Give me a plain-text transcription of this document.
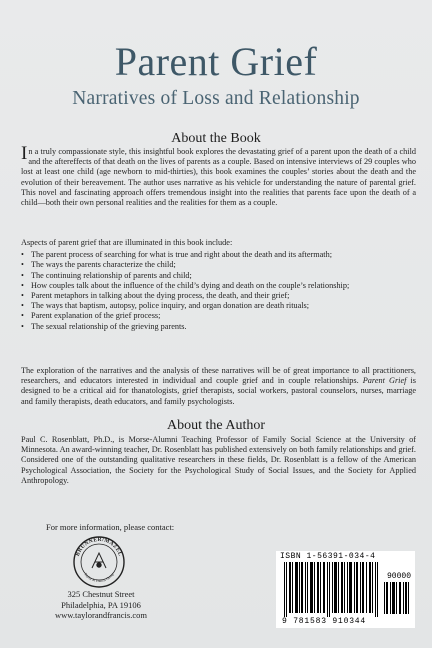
Parent Grief
Narratives of Loss and Relationship
About the Book
In a truly compassionate style, this insightful book explores the devastating grief of a parent upon the death of a child and the aftereffects of that death on the lives of parents as a couple. Based on intensive interviews of 29 couples who lost at least one child (age newborn to mid-thirties), this book examines the couples’ stories about the death and the evolution of their bereavement. The author uses narrative as his vehicle for understanding the nature of parental grief. This novel and fascinating approach offers tremendous insight into the realities that parents face upon the death of a child—both their own personal realities and the realities for them as a couple.
Aspects of parent grief that are illuminated in this book include:
• The parent process of searching for what is true and right about the death and its aftermath;
• The ways the parents characterize the child;
• The continuing relationship of parents and child;
• How couples talk about the influence of the child’s dying and death on the couple’s relationship;
• Parent metaphors in talking about the dying process, the death, and their grief;
• The ways that baptism, autopsy, police inquiry, and organ donation are death rituals;
• Parent explanation of the grief process;
• The sexual relationship of the grieving parents.
The exploration of the narratives and the analysis of these narratives will be of great importance to all practitioners, researchers, and educators interested in individual and couple grief and in couple relationships. Parent Grief is designed to be a critical aid for thanatologists, grief therapists, social workers, pastoral counselors, nurses, marriage and family therapists, death educators, and family psychologists.
About the Author
Paul C. Rosenblatt, Ph.D., is Morse-Alumni Teaching Professor of Family Social Science at the University of Minnesota. An award-winning teacher, Dr. Rosenblatt has published extensively on both family relationships and grief. Considered one of the outstanding qualitative researchers in these fields, Dr. Rosenblatt is a fellow of the American Psychological Association, the Society for the Psychological Study of Social Issues, and the Society for Applied Anthropology.
For more information, please contact:
BRUNNER/MAZEL
Taylor & Francis Group
325 Chestnut Street
Philadelphia, PA 19106
www.taylorandfrancis.com
ISBN 1-56391-034-4
90000
9 781583 910344
